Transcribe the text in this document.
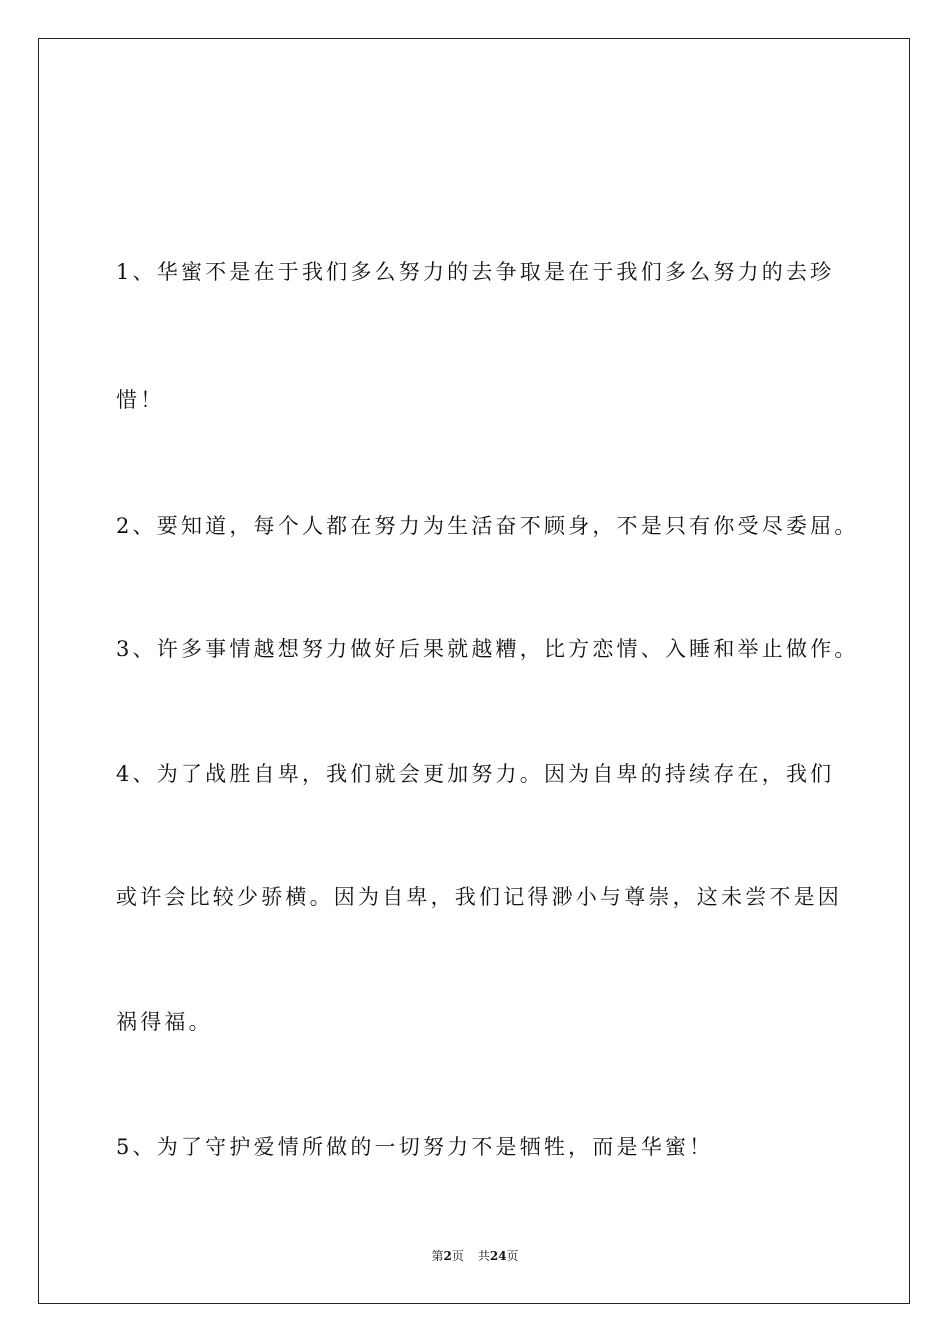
1、华蜜不是在于我们多么努力的去争取是在于我们多么努力的去珍
惜！
2、要知道，每个人都在努力为生活奋不顾身，不是只有你受尽委屈。
3、许多事情越想努力做好后果就越糟，比方恋情、入睡和举止做作。
4、为了战胜自卑，我们就会更加努力。因为自卑的持续存在，我们
或许会比较少骄横。因为自卑，我们记得渺小与尊崇，这未尝不是因
祸得福。
5、为了守护爱情所做的一切努力不是牺牲，而是华蜜！
第2页 共24页
